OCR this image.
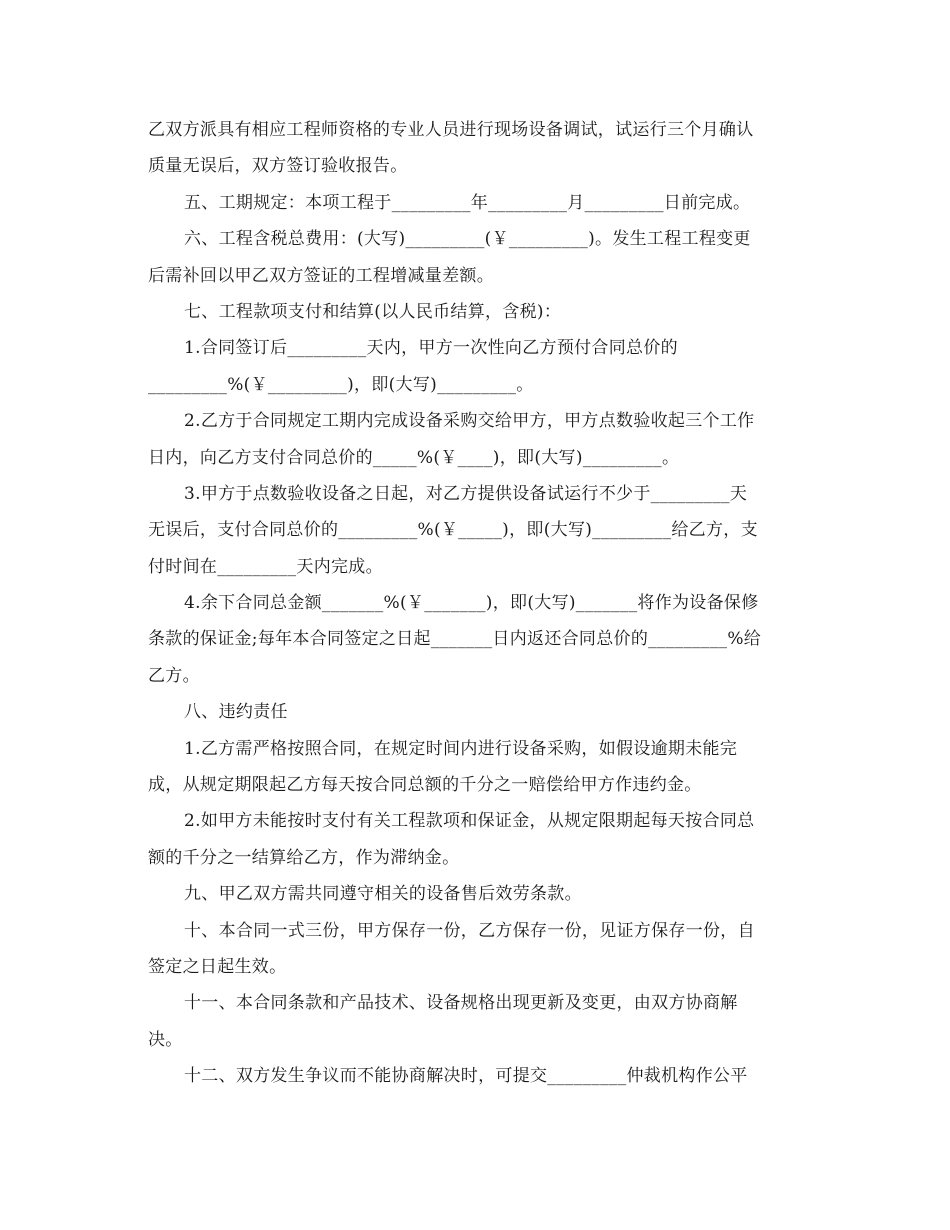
乙双方派具有相应工程师资格的专业人员进行现场设备调试，试运行三个月确认
质量无误后，双方签订验收报告。
五、工期规定：本项工程于_________年_________月_________日前完成。
六、工程含税总费用：(大写)_________(￥_________)。发生工程工程变更
后需补回以甲乙双方签证的工程增减量差额。
七、工程款项支付和结算(以人民币结算，含税)：
1.合同签订后_________天内，甲方一次性向乙方预付合同总价的
_________%(￥_________)，即(大写)_________。
2.乙方于合同规定工期内完成设备采购交给甲方，甲方点数验收起三个工作
日内，向乙方支付合同总价的_____%(￥____)，即(大写)_________。
3.甲方于点数验收设备之日起，对乙方提供设备试运行不少于_________天
无误后，支付合同总价的_________%(￥_____)，即(大写)_________给乙方，支
付时间在_________天内完成。
4.余下合同总金额_______%(￥_______)，即(大写)_______将作为设备保修
条款的保证金;每年本合同签定之日起_______日内返还合同总价的_________%给
乙方。
八、违约责任
1.乙方需严格按照合同，在规定时间内进行设备采购，如假设逾期未能完
成，从规定期限起乙方每天按合同总额的千分之一赔偿给甲方作违约金。
2.如甲方未能按时支付有关工程款项和保证金，从规定限期起每天按合同总
额的千分之一结算给乙方，作为滞纳金。
九、甲乙双方需共同遵守相关的设备售后效劳条款。
十、本合同一式三份，甲方保存一份，乙方保存一份，见证方保存一份，自
签定之日起生效。
十一、本合同条款和产品技术、设备规格出现更新及变更，由双方协商解
决。
十二、双方发生争议而不能协商解决时，可提交_________仲裁机构作公平
